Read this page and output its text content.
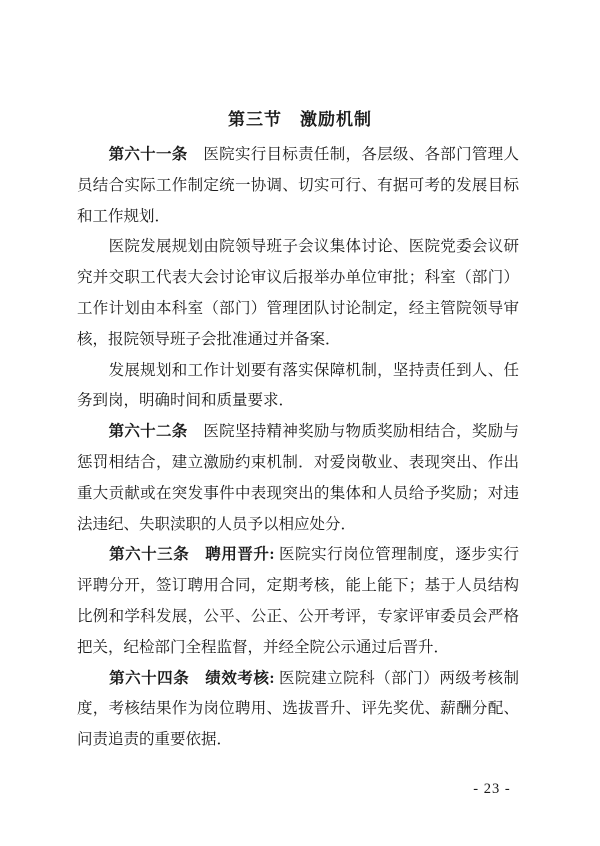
第三节　激励机制
　　第六十一条　医院实行目标责任制，各层级、各部门管理人
员结合实际工作制定统一协调、切实可行、有据可考的发展目标
和工作规划．
　　医院发展规划由院领导班子会议集体讨论、医院党委会议研
究并交职工代表大会讨论审议后报举办单位审批；科室（部门）
工作计划由本科室（部门）管理团队讨论制定，经主管院领导审
核，报院领导班子会批准通过并备案．
　　发展规划和工作计划要有落实保障机制，坚持责任到人、任
务到岗，明确时间和质量要求．
　　第六十二条　医院坚持精神奖励与物质奖励相结合，奖励与
惩罚相结合，建立激励约束机制．对爱岗敬业、表现突出、作出
重大贡献或在突发事件中表现突出的集体和人员给予奖励；对违
法违纪、失职渎职的人员予以相应处分．
　　第六十三条　聘用晋升: 医院实行岗位管理制度，逐步实行
评聘分开，签订聘用合同，定期考核，能上能下；基于人员结构
比例和学科发展，公平、公正、公开考评，专家评审委员会严格
把关，纪检部门全程监督，并经全院公示通过后晋升．
　　第六十四条　绩效考核: 医院建立院科（部门）两级考核制
度，考核结果作为岗位聘用、选拔晋升、评先奖优、薪酬分配、
问责追责的重要依据．
- 23 -
